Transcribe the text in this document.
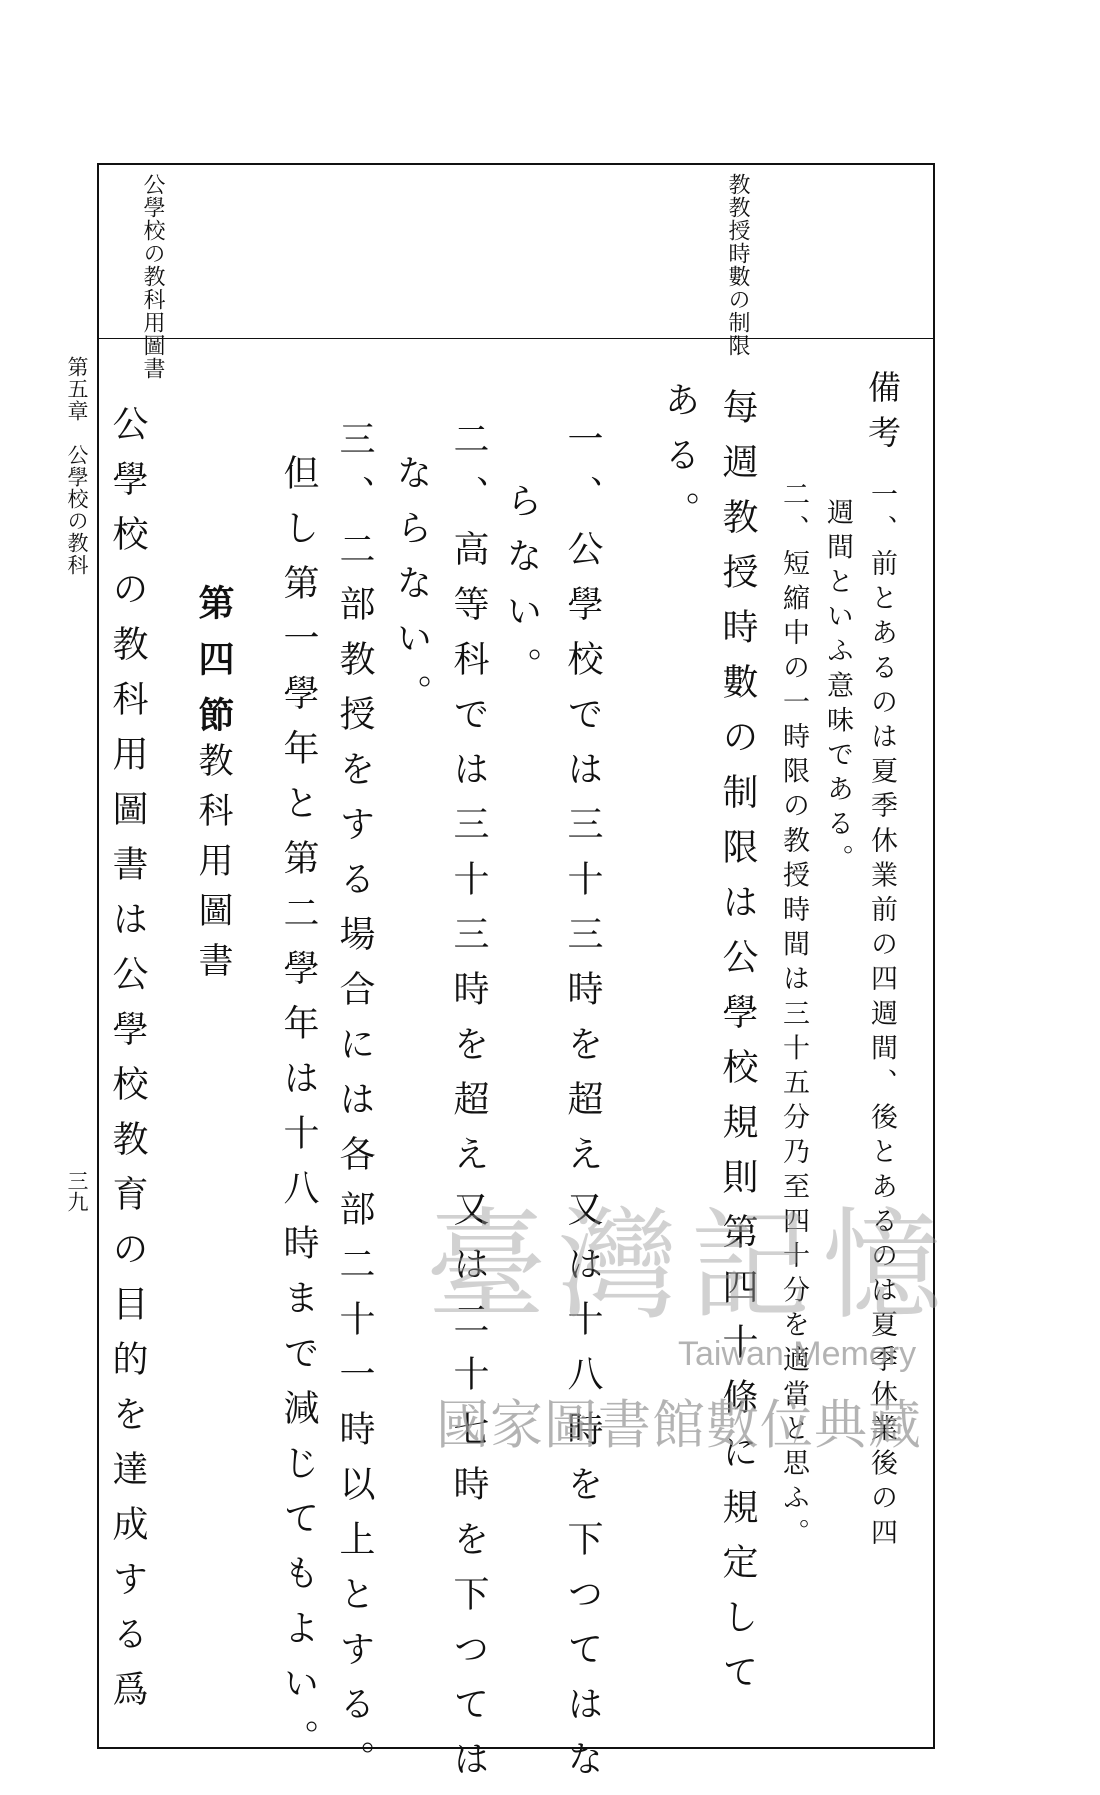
第五章　公學校の教科
三九
教教授時數の制限
公學校の教科用圖書
備考
一、前とあるのは夏季休業前の四週間、後とあるのは夏季休業後の四
週間といふ意味である。
二、短縮中の一時限の教授時間は三十五分乃至四十分を適當と思ふ。
每週教授時數の制限は公學校規則第四十條に規定して
ある。
一、公學校では三十三時を超え又は十八時を下つてはな
らない。
二、高等科では三十三時を超え又は二十七時を下つては
ならない。
三、二部教授をする場合には各部二十一時以上とする。
但し第一學年と第二學年は十八時まで減じてもよい。
第四節
教科用圖書
公學校の教科用圖書は公學校教育の目的を達成する爲 臺灣記憶
Taiwan Memory
國家圖書館數位典藏
